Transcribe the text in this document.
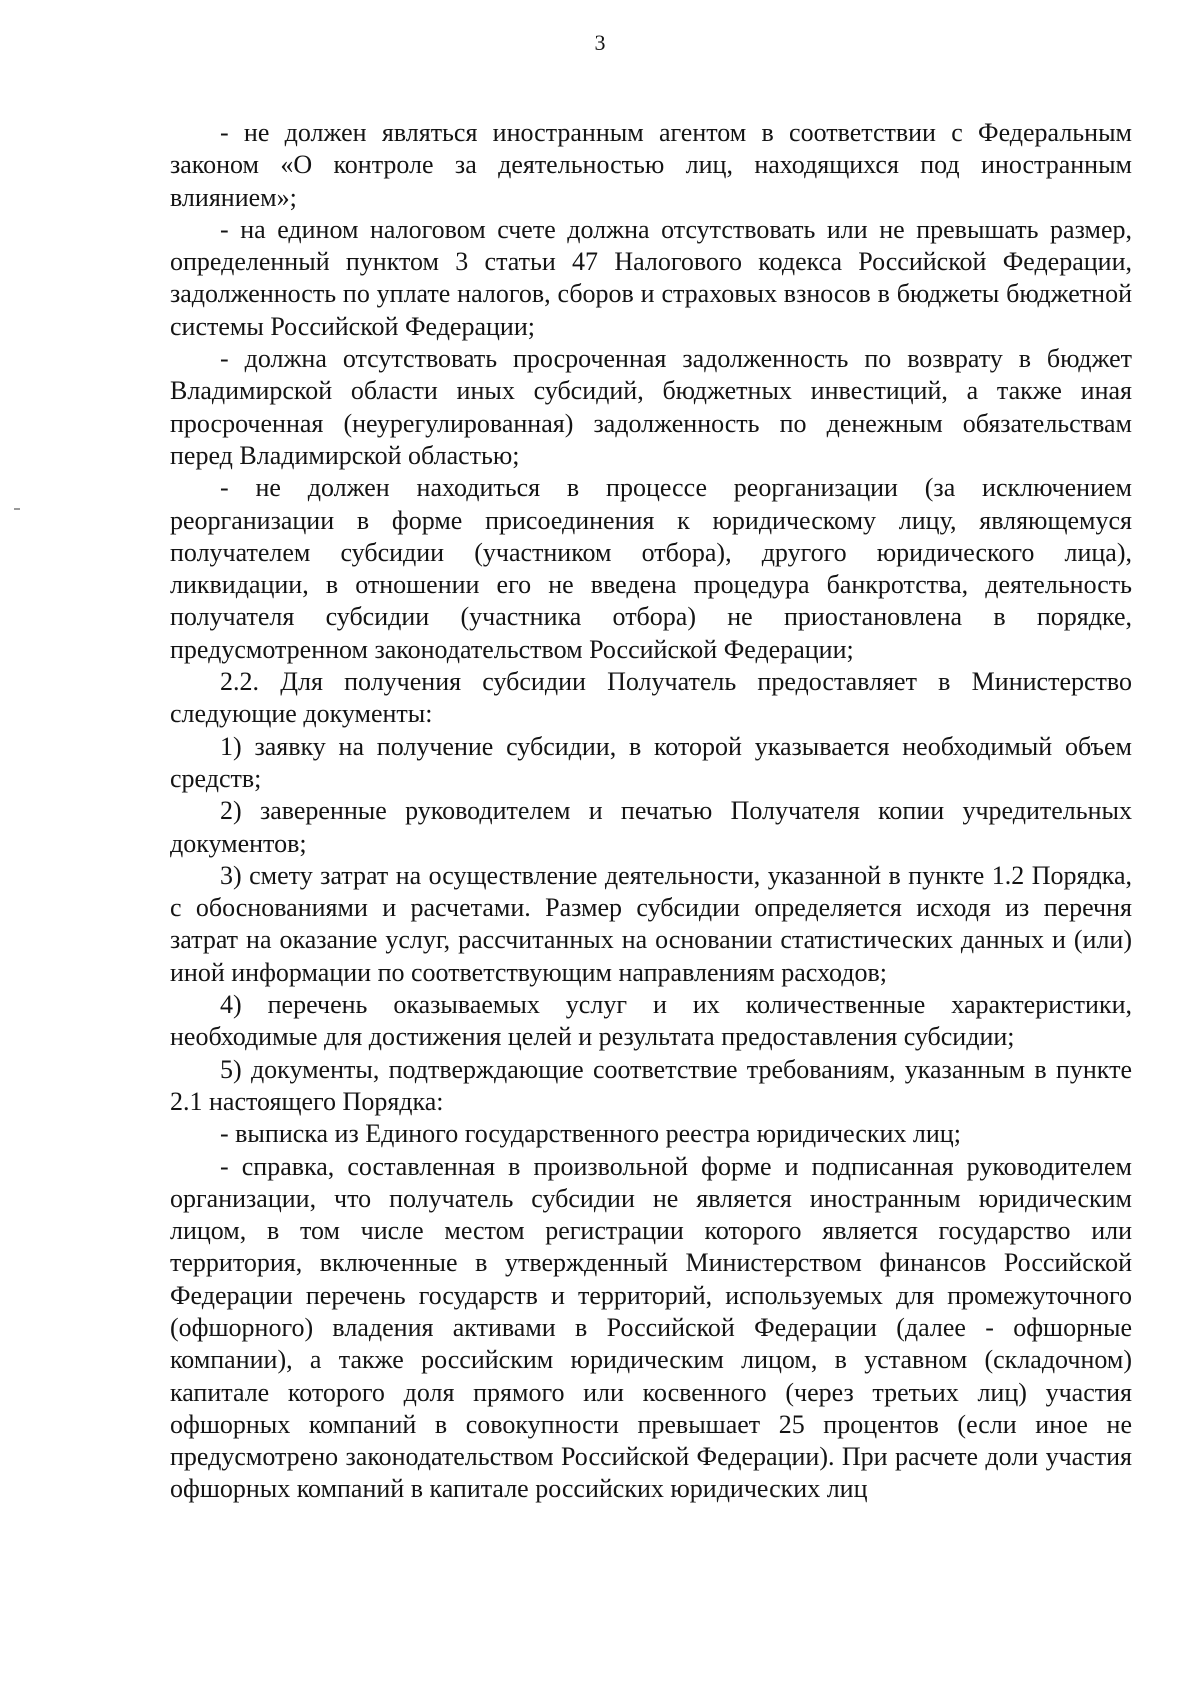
3

- не должен являться иностранным агентом в соответствии с Федеральным законом «О контроле за деятельностью лиц, находящихся под иностранным влиянием»;

- на едином налоговом счете должна отсутствовать или не превышать размер, определенный пунктом 3 статьи 47 Налогового кодекса Российской Федерации, задолженность по уплате налогов, сборов и страховых взносов в бюджеты бюджетной системы Российской Федерации;

- должна отсутствовать просроченная задолженность по возврату в бюджет Владимирской области иных субсидий, бюджетных инвестиций, а также иная просроченная (неурегулированная) задолженность по денежным обязательствам перед Владимирской областью;

- не должен находиться в процессе реорганизации (за исключением реорганизации в форме присоединения к юридическому лицу, являющемуся получателем субсидии (участником отбора), другого юридического лица), ликвидации, в отношении его не введена процедура банкротства, деятельность получателя субсидии (участника отбора) не приостановлена в порядке, предусмотренном законодательством Российской Федерации;

2.2. Для получения субсидии Получатель предоставляет в Министерство следующие документы:

1) заявку на получение субсидии, в которой указывается необходимый объем средств;

2) заверенные руководителем и печатью Получателя копии учредительных документов;

3) смету затрат на осуществление деятельности, указанной в пункте 1.2 Порядка, с обоснованиями и расчетами. Размер субсидии определяется исходя из перечня затрат на оказание услуг, рассчитанных на основании статистических данных и (или) иной информации по соответствующим направлениям расходов;

4) перечень оказываемых услуг и их количественные характеристики, необходимые для достижения целей и результата предоставления субсидии;

5) документы, подтверждающие соответствие требованиям, указанным в пункте 2.1 настоящего Порядка:

- выписка из Единого государственного реестра юридических лиц;

- справка, составленная в произвольной форме и подписанная руководителем организации, что получатель субсидии не является иностранным юридическим лицом, в том числе местом регистрации которого является государство или территория, включенные в утвержденный Министерством финансов Российской Федерации перечень государств и территорий, используемых для промежуточного (офшорного) владения активами в Российской Федерации (далее - офшорные компании), а также российским юридическим лицом, в уставном (складочном) капитале которого доля прямого или косвенного (через третьих лиц) участия офшорных компаний в совокупности превышает 25 процентов (если иное не предусмотрено законодательством Российской Федерации). При расчете доли участия офшорных компаний в капитале российских юридических лиц
